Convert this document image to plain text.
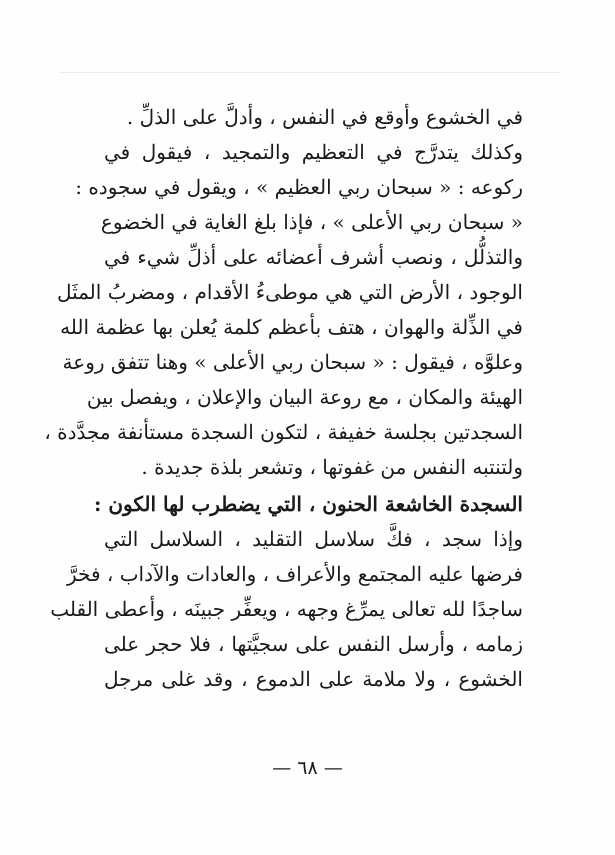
في الخشوع وأوقع في النفس ، وأدلَّ على الذلِّ .
وكذلك يتدرَّج في التعظيم والتمجيد ، فيقول في
ركوعه : « سبحان ربي العظيم » ، ويقول في سجوده :
« سبحان ربي الأعلى » ، فإذا بلغ الغاية في الخضوع
والتذلُّل ، ونصب أشرف أعضائه على أذلِّ شيء في
الوجود ، الأرض التي هي موطىءُ الأقدام ، ومضربُ المثَل
في الذِّلة والهوان ، هتف بأعظم كلمة يُعلن بها عظمة الله
وعلوَّه ، فيقول : « سبحان ربي الأعلى » وهنا تتفق روعة
الهيئة والمكان ، مع روعة البيان والإعلان ، ويفصل بين
السجدتين بجلسة خفيفة ، لتكون السجدة مستأنفة مجدَّدة ،
ولتنتبه النفس من غفوتها ، وتشعر بلذة جديدة .
السجدة الخاشعة الحنون ، التي يضطرب لها الكون :
وإذا سجد ، فكَّ سلاسل التقليد ، السلاسل التي
فرضها عليه المجتمع والأعراف ، والعادات والآداب ، فخرَّ
ساجدًا لله تعالى يمرِّغ وجهه ، ويعفِّر جبينَه ، وأعطى القلب
زمامه ، وأرسل النفس على سجيَّتها ، فلا حجر على
الخشوع ، ولا ملامة على الدموع ، وقد غلى مرجل
— ٦٨ —
